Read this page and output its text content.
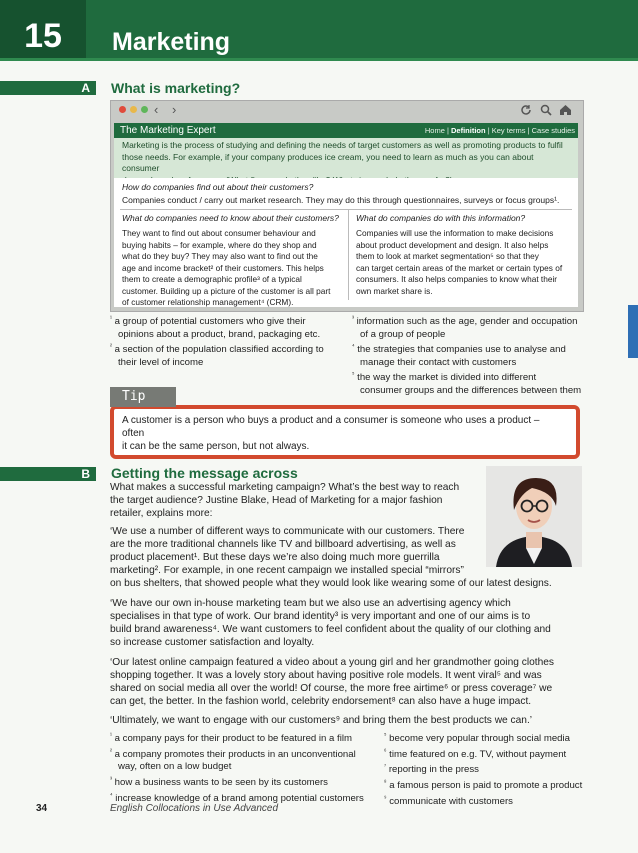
15	Marketing
A	What is marketing?
‹ ›
The Marketing Expert	Home | Definition | Key terms | Case studies
Marketing is the process of studying and defining the needs of target customers as well as promoting products to fulfil
those needs. For example, if your company produces ice cream, you need to learn as much as you can about consumer
How do companies find out about their customers?
Companies conduct / carry out market research. They may do this through questionnaires, surveys or focus groups¹.
What do companies need to know about their customers?
They want to find out about consumer behaviour and
buying habits – for example, where do they shop and
what do they buy? They may also want to find out the
age and income bracket² of their customers. This helps
them to create a demographic profile³ of a typical
customer. Building up a picture of the customer is all part
of customer relationship management⁴ (CRM).
What do companies do with this information?
Companies will use the information to make decisions
about product development and design. It also helps
them to look at market segmentation⁵ so that they
can target certain areas of the market or certain types of
consumers. It also helps companies to know what their
own market share is.
$^{^1}$ a group of potential customers who give their
opinions about a product, brand, packaging etc.
$^{^2}$ a section of the population classified according to
their level of income
$^{^3}$ information such as the age, gender and occupation
of a group of people
$^{^4}$ the strategies that companies use to analyse and
manage their contact with customers
$^{^5}$ the way the market is divided into different
consumer groups and the differences between them
Tip
A customer is a person who buys a product and a consumer is someone who uses a product – often
it can be the same person, but not always.
B	Getting the message across
What makes a successful marketing campaign? What’s the best way to reach
the target audience? Justine Blake, Head of Marketing for a major fashion
retailer, explains more:
‘We use a number of different ways to communicate with our customers. There
are the more traditional channels like TV and billboard advertising, as well as
product placement¹. But these days we’re also doing much more guerrilla
marketing². For example, in one recent campaign we installed special “mirrors”
on bus shelters, that showed people what they would look like wearing some of our latest designs.
‘We have our own in-house marketing team but we also use an advertising agency which
specialises in that type of work. Our brand identity³ is very important and one of our aims is to
build brand awareness⁴. We want customers to feel confident about the quality of our clothing and
so increase customer satisfaction and loyalty.
‘Our latest online campaign featured a video about a young girl and her grandmother going clothes
shopping together. It was a lovely story about having positive role models. It went viral⁵ and was
shared on social media all over the world! Of course, the more free airtime⁶ or press coverage⁷ we
can get, the better. In the fashion world, celebrity endorsement⁸ can also have a huge impact.
‘Ultimately, we want to engage with our customers⁹ and bring them the best products we can.’
$^{^1}$ a company pays for their product to be featured in a film
$^{^2}$ a company promotes their products in an unconventional
way, often on a low budget
$^{^3}$ how a business wants to be seen by its customers
$^{^4}$ increase knowledge of a brand among potential customers
$^{^5}$ become very popular through social media
$^{^6}$ time featured on e.g. TV, without payment
$^{^7}$ reporting in the press
$^{^8}$ a famous person is paid to promote a product
$^{^9}$ communicate with customers
34	English Collocations in Use Advanced
